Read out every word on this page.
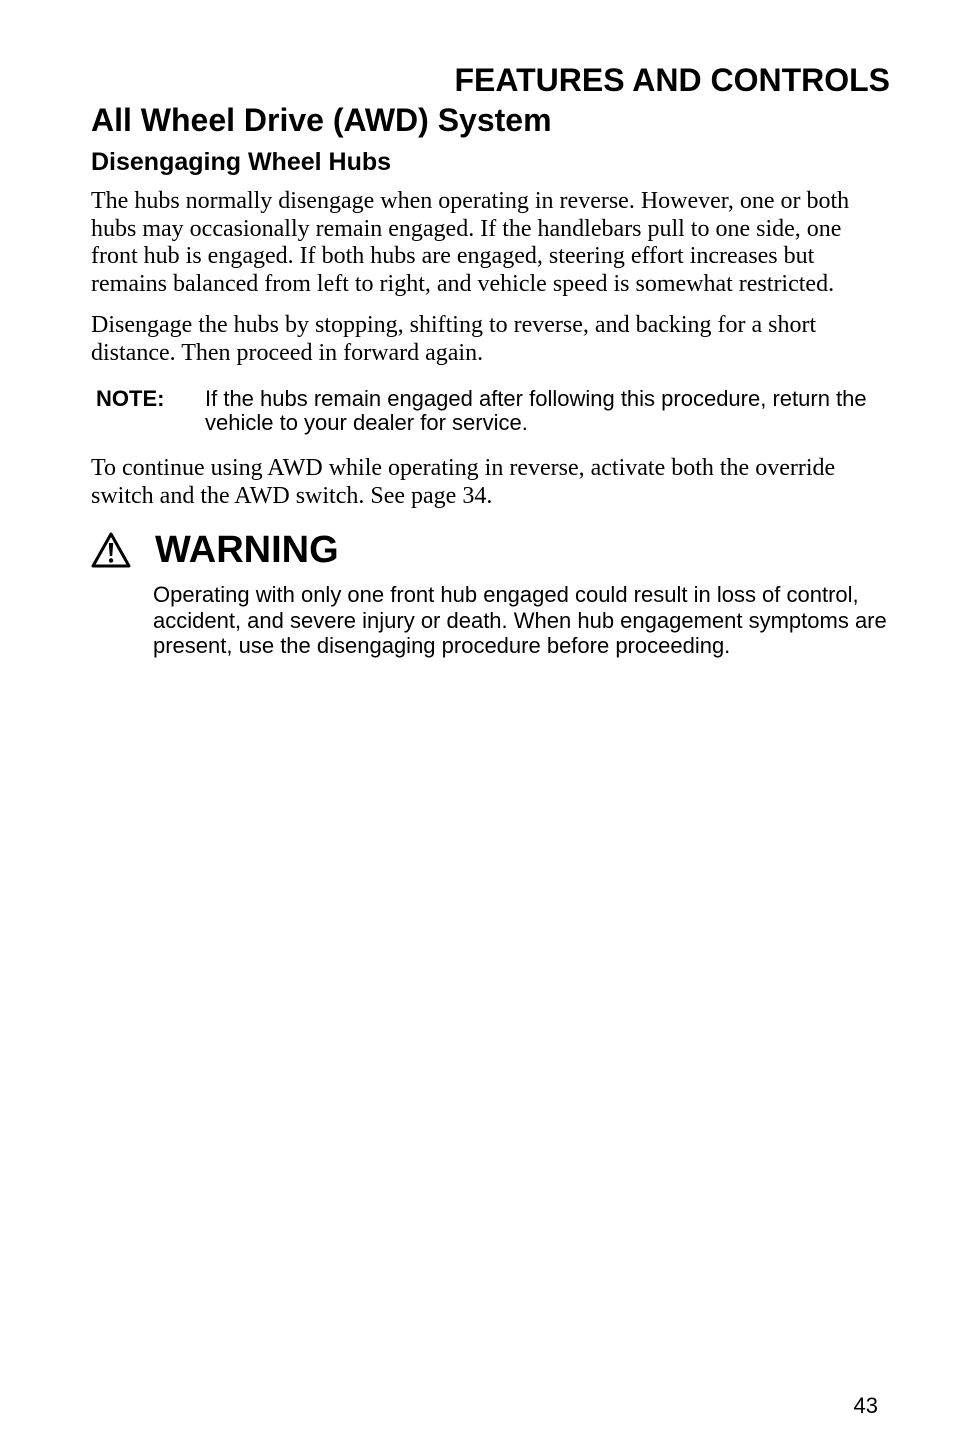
FEATURES AND CONTROLS
All Wheel Drive (AWD) System
Disengaging Wheel Hubs

The hubs normally disengage when operating in reverse. However, one or both hubs may occasionally remain engaged. If the handlebars pull to one side, one front hub is engaged. If both hubs are engaged, steering effort increases but remains balanced from left to right, and vehicle speed is somewhat restricted.

Disengage the hubs by stopping, shifting to reverse, and backing for a short distance. Then proceed in forward again.

NOTE:	If the hubs remain engaged after following this procedure, return the vehicle to your dealer for service.

To continue using AWD while operating in reverse, activate both the override switch and the AWD switch. See page 34.

WARNING
Operating with only one front hub engaged could result in loss of control, accident, and severe injury or death. When hub engagement symptoms are present, use the disengaging procedure before proceeding.
43
